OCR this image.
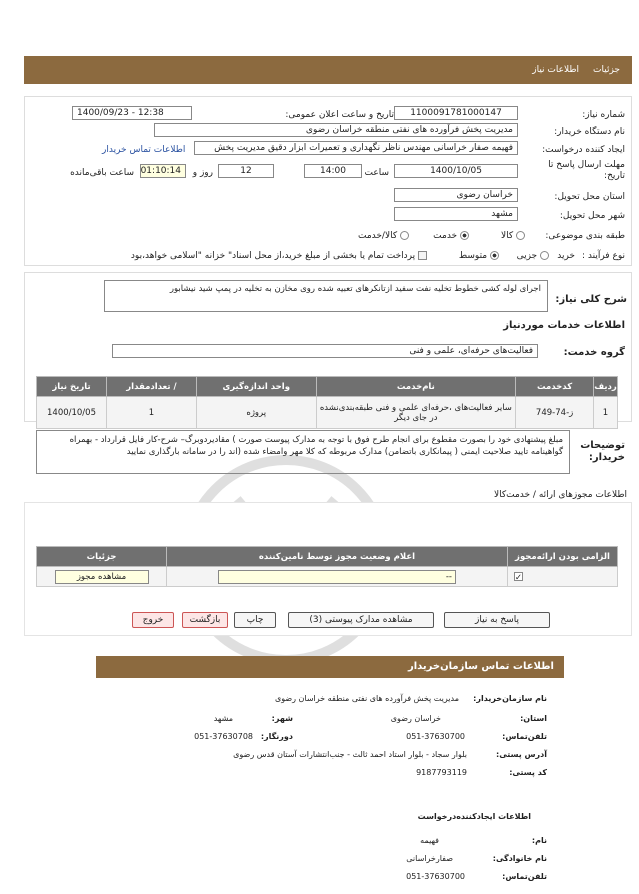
جزئیات
اطلاعات نیاز
شماره نیاز:
1100091781000147
تاریخ و ساعت اعلان عمومی:
1400/09/23 - 12:38
نام دستگاه خریدار:
مدیریت پخش فرآورده های نفتی منطقه خراسان رضوی
ایجاد کننده درخواست:
فهیمه صفار خراسانی مهندس ناظر نگهداری و تعمیرات ابزار دقیق مدیریت پخش
اطلاعات تماس خریدار
مهلت ارسال پاسخ تا تاریخ:
1400/10/05
ساعت
14:00
12
روز و
01:10:14
ساعت باقی‌مانده
استان محل تحویل:
خراسان رضوی
شهر محل تحویل:
مشهد
طبقه بندی موضوعی:
کالا
خدمت
کالا/خدمت
نوع فرآیند :
خرید
جزیی
متوسط
پرداخت تمام یا بخشی از مبلغ خرید،از محل اسناد" خزانه "اسلامی خواهد،بود
شرح کلی نیاز:
اجرای لوله کشی خطوط تخلیه نفت سفید ازتانکرهای تعبیه شده روی مخازن به تخلیه در پمپ شید نیشابور
اطلاعات خدمات موردنیاز
گروه خدمت:
فعالیت‌های حرفه‌ای، علمی و فنی
ردیف	کدخدمت	نام‌خدمت	واحد اندازه‌گیری	/ تعدادمقدار	تاریخ نیاز
1	ز-74-749	سایر فعالیت‌های ،حرفه‌ای علمی و فنی طبقه‌بندی‌نشده در جای دیگر	پروژه	1	1400/10/05
توضیحات خریدار:
مبلغ پیشنهادی خود را بصورت مقطوع برای انجام طرح فوق با توجه به مدارک پیوست صورت ) مقادیردوبرگ– شرح-کار فایل قرارداد - بهمراه گواهینامه تایید صلاحیت ایمنی ( پیمانکاری باتضامن) مدارک مربوطه که کلا مهر وامضاء شده (اند را در سامانه بارگذاری نمایید
اطلاعات مجوزهای ارائه / خدمت‌کالا
الزامی بودن ارائه‌مجوز	اعلام وضعیت مجوز توسط نامین‌کننده	جزئیات
✓	--	مشاهده مجوز
پاسخ به نیاز
مشاهده مدارک پیوستی (3)
چاپ
بازگشت
خروج
اطلاعات تماس سازمان‌خریدار
نام سازمان‌خریدار:
مدیریت پخش فرآورده های نفتی منطقه خراسان رضوی
استان:
خراسان رضوی
شهر:
مشهد
تلفن‌تماس:
051-37630700
دورنگار:
051-37630708
آدرس پستی:
بلوار سجاد - بلوار استاد احمد ثالث - جنب‌انتشارات آستان قدس رضوی
کد پستی:
9187793119
اطلاعات ایجادکننده‌درخواست
نام:
فهیمه
نام خانوادگی:
صفارخراسانی
تلفن‌تماس:
051-37630700
